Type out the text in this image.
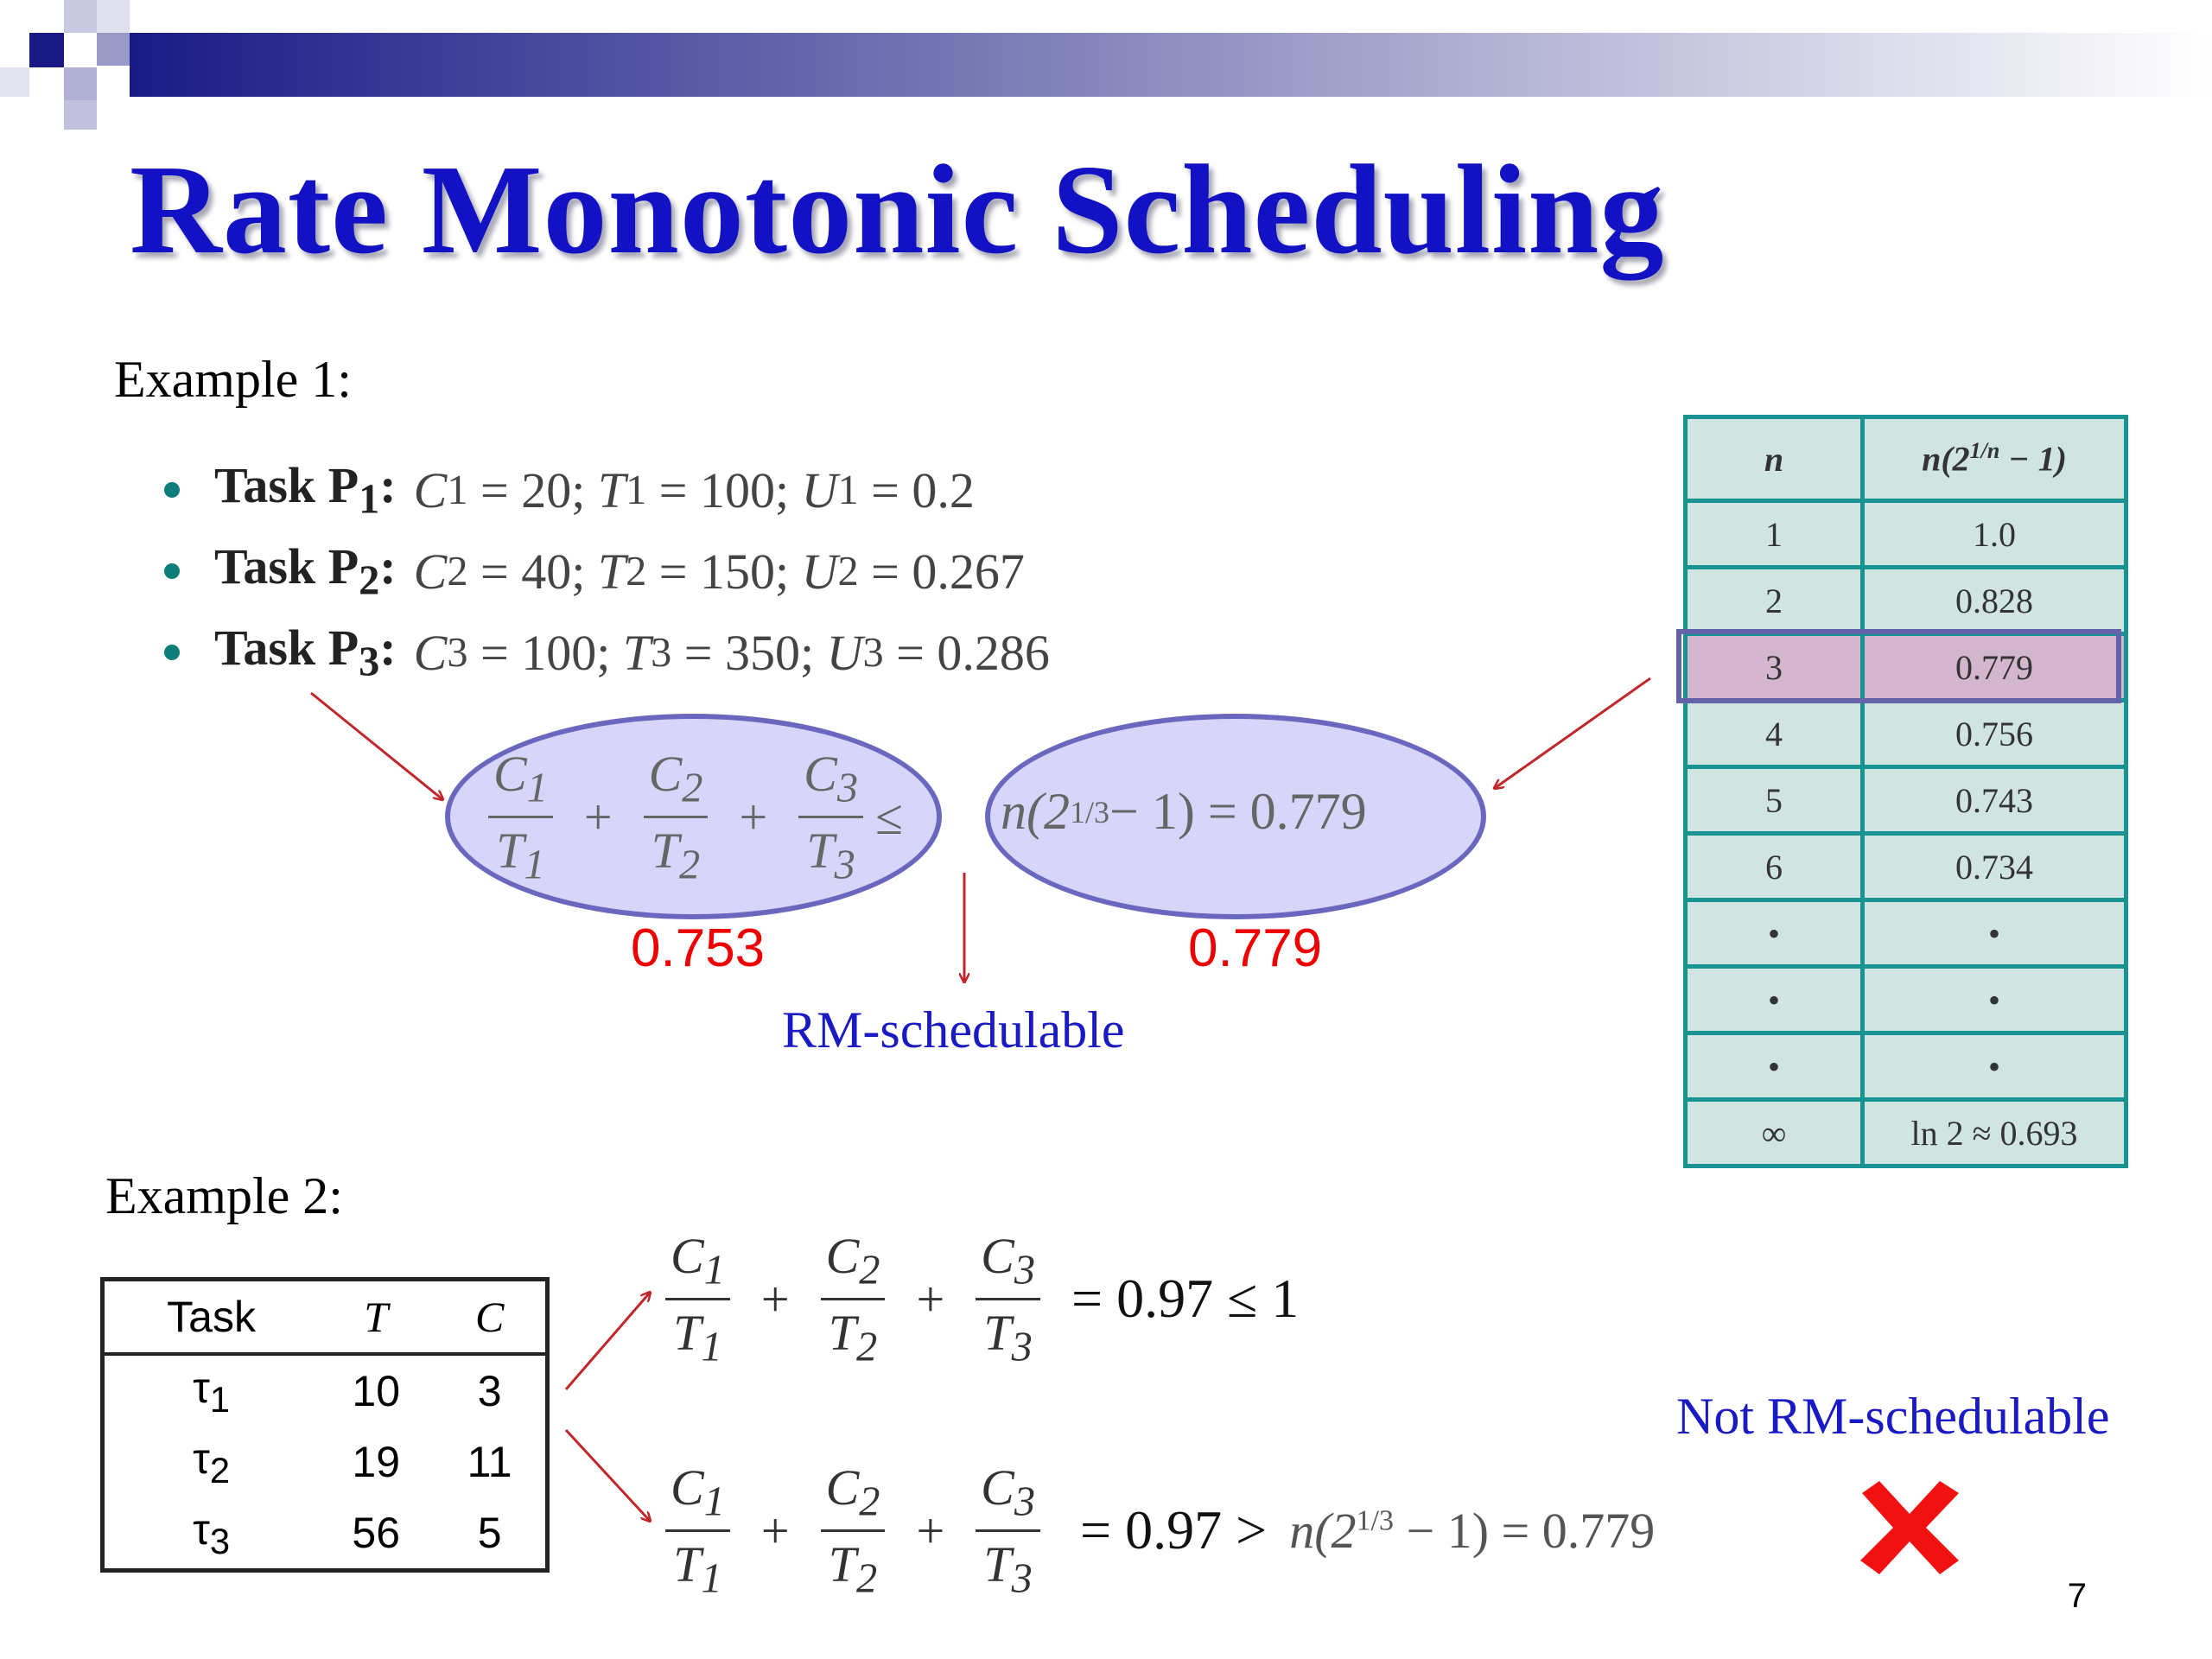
Rate Monotonic Scheduling
Example 1:
Task $P_1$: C 1 = 20 ; T 1 = 100 ; U 1 = 0.2
Task $P_2$: C 2 = 40 ; T 2 = 150 ; U 2 = 0.267
Task $P_3$: C 3 = 100 ; T 3 = 350 ; U 3 = 0.286
$\frac{C_1}{T_1} + \frac{C_2}{T_2} + \frac{C_3}{T_3} \le n(2$ 1/3 − 1) = 0.779
0.753	0.779
RM-schedulable
n	$n(2^{1/n} - 1)$
1	1.0
2	0.828
3	0.779
4	0.756
5	0.743
6	0.734
•	•
•	•
•	•
∞	ln 2 ≈ 0.693
Example 2:
Task	T	C
$\tau_1$	10	3
$\tau_2$	19	11
$\tau_3$	56	5
$\frac{C_1}{T_1} + \frac{C_2}{T_2} + \frac{C_3}{T_3} = 0.97 \le 1$
$\frac{C_1}{T_1} + \frac{C_2}{T_2} + \frac{C_3}{T_3} = 0.97 > n(2^{1/3} - 1) = 0.779$
Not RM-schedulable
7
